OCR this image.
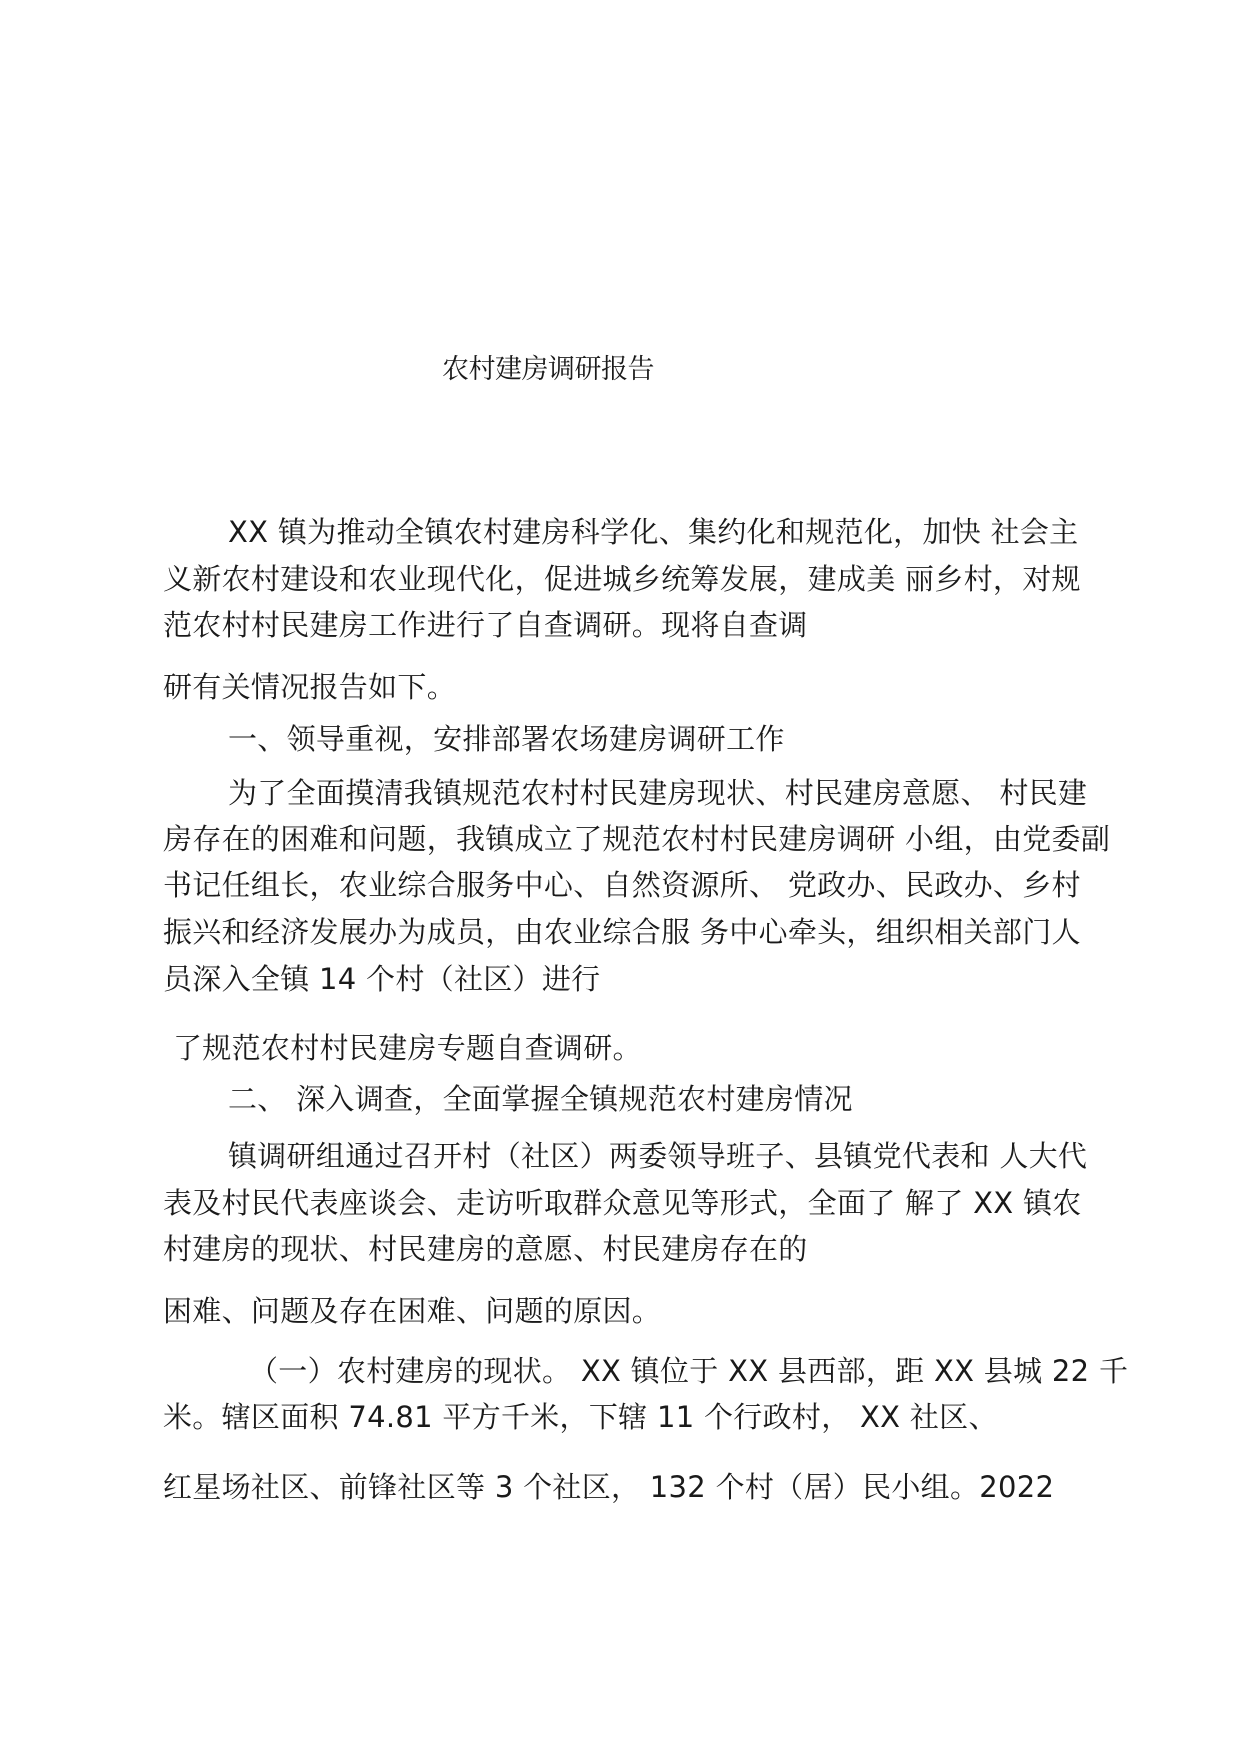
农村建房调研报告
XX 镇为推动全镇农村建房科学化、集约化和规范化，加快 社会主
义新农村建设和农业现代化，促进城乡统筹发展，建成美 丽乡村，对规
范农村村民建房工作进行了自查调研。现将自查调
研有关情况报告如下。
一、领导重视，安排部署农场建房调研工作
为了全面摸清我镇规范农村村民建房现状、村民建房意愿、 村民建
房存在的困难和问题，我镇成立了规范农村村民建房调研 小组，由党委副
书记任组长，农业综合服务中心、自然资源所、 党政办、民政办、乡村
振兴和经济发展办为成员，由农业综合服 务中心牵头，组织相关部门人
员深入全镇 14 个村（社区）进行
了规范农村村民建房专题自查调研。
二、 深入调查，全面掌握全镇规范农村建房情况
镇调研组通过召开村（社区）两委领导班子、县镇党代表和 人大代
表及村民代表座谈会、走访听取群众意见等形式，全面了 解了 XX 镇农
村建房的现状、村民建房的意愿、村民建房存在的
困难、问题及存在困难、问题的原因。
（一）农村建房的现状。 XX 镇位于 XX 县西部，距 XX 县城 22 千
米。辖区面积 74.81 平方千米，下辖 11 个行政村， XX 社区、
红星场社区、前锋社区等 3 个社区， 132 个村（居）民小组。2022
